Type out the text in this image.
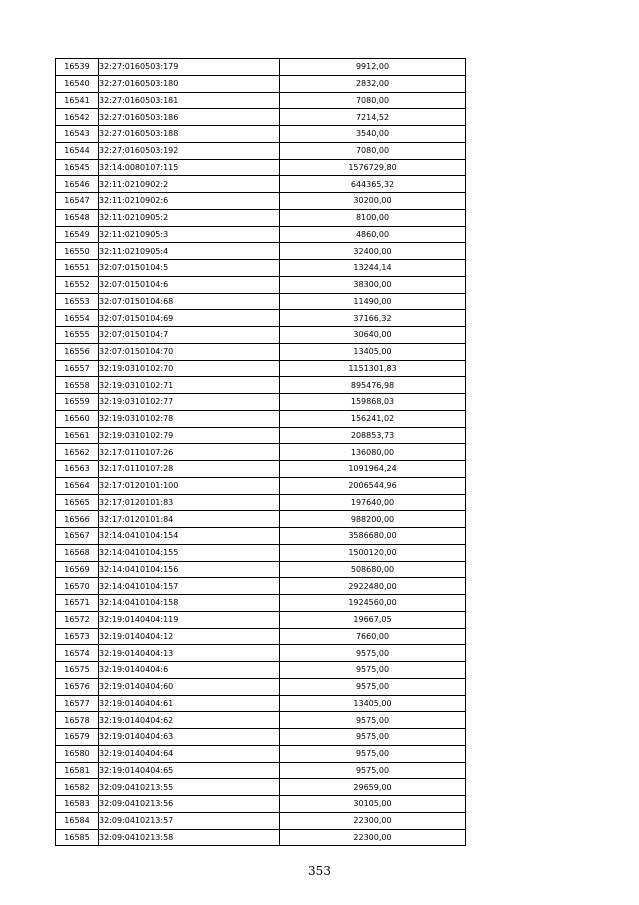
16539	32:27:0160503:179	9912,00
16540	32:27:0160503:180	2832,00
16541	32:27:0160503:181	7080,00
16542	32:27:0160503:186	7214,52
16543	32:27:0160503:188	3540,00
16544	32:27:0160503:192	7080,00
16545	32:14:0080107:115	1576729,80
16546	32:11:0210902:2	644365,32
16547	32:11:0210902:6	30200,00
16548	32:11:0210905:2	8100,00
16549	32:11:0210905:3	4860,00
16550	32:11:0210905:4	32400,00
16551	32:07:0150104:5	13244,14
16552	32:07:0150104:6	38300,00
16553	32:07:0150104:68	11490,00
16554	32:07:0150104:69	37166,32
16555	32:07:0150104:7	30640,00
16556	32:07:0150104:70	13405,00
16557	32:19:0310102:70	1151301,83
16558	32:19:0310102:71	895476,98
16559	32:19:0310102:77	159868,03
16560	32:19:0310102:78	156241,02
16561	32:19:0310102:79	208853,73
16562	32:17:0110107:26	136080,00
16563	32:17:0110107:28	1091964,24
16564	32:17:0120101:100	2006544,96
16565	32:17:0120101:83	197640,00
16566	32:17:0120101:84	988200,00
16567	32:14:0410104:154	3586680,00
16568	32:14:0410104:155	1500120,00
16569	32:14:0410104:156	508680,00
16570	32:14:0410104:157	2922480,00
16571	32:14:0410104:158	1924560,00
16572	32:19:0140404:119	19667,05
16573	32:19:0140404:12	7660,00
16574	32:19:0140404:13	9575,00
16575	32:19:0140404:6	9575,00
16576	32:19:0140404:60	9575,00
16577	32:19:0140404:61	13405,00
16578	32:19:0140404:62	9575,00
16579	32:19:0140404:63	9575,00
16580	32:19:0140404:64	9575,00
16581	32:19:0140404:65	9575,00
16582	32:09:0410213:55	29659,00
16583	32:09:0410213:56	30105,00
16584	32:09:0410213:57	22300,00
16585	32:09:0410213:58	22300,00
353
